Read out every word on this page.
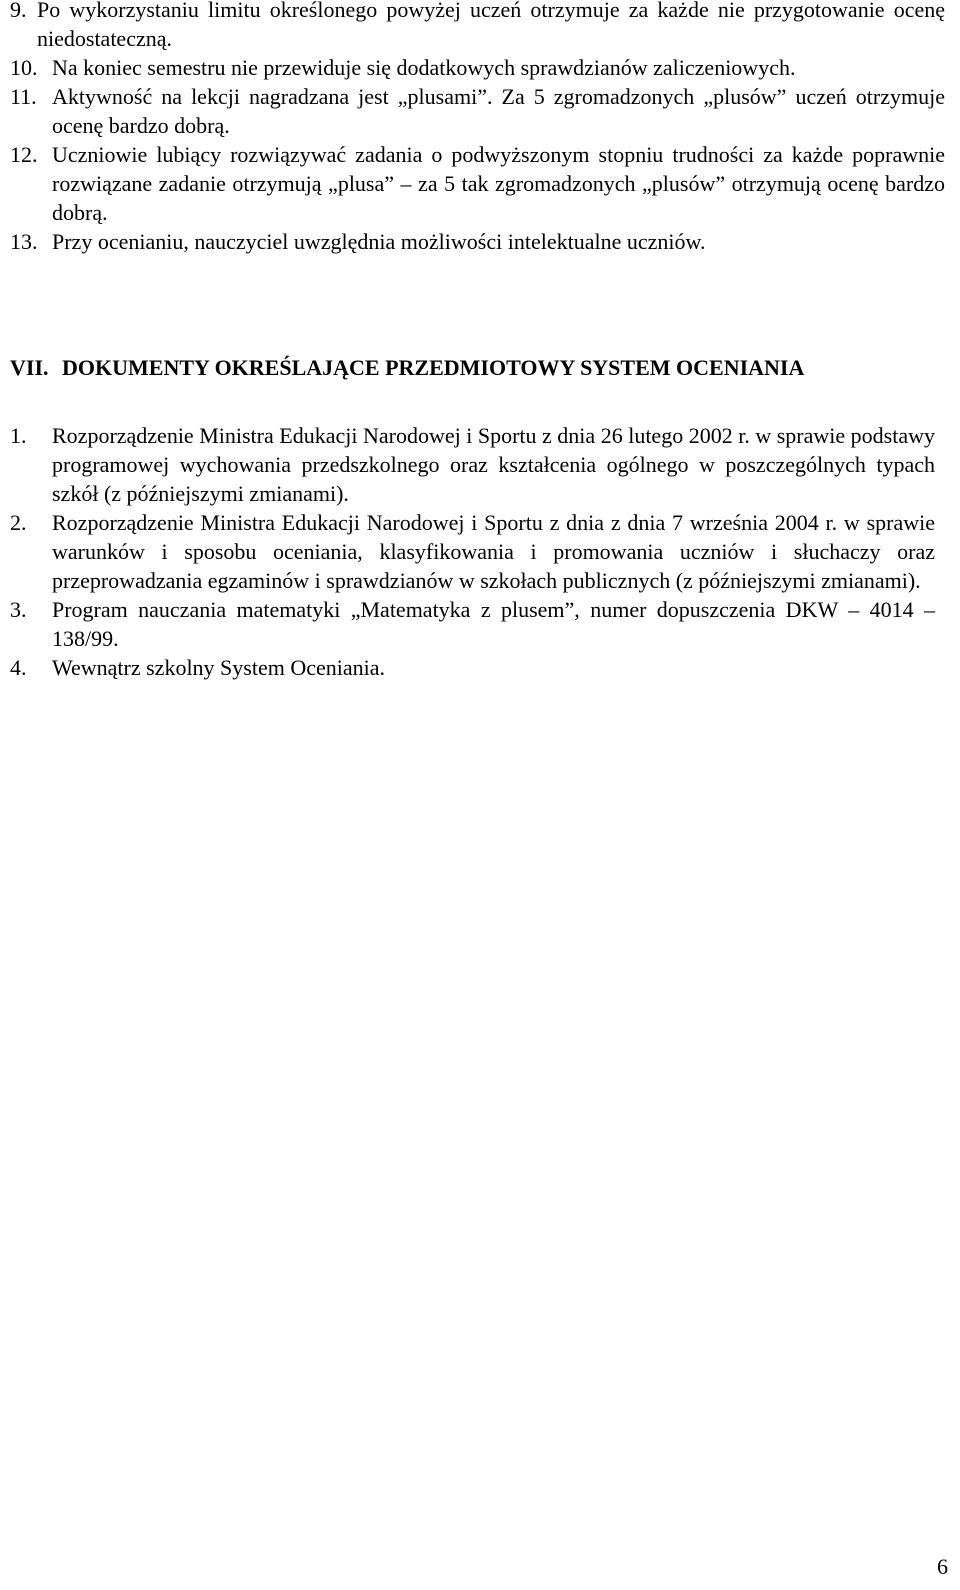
9. Po wykorzystaniu limitu określonego powyżej uczeń otrzymuje za każde nie przygotowanie ocenę niedostateczną.
10. Na koniec semestru nie przewiduje się dodatkowych sprawdzianów zaliczeniowych.
11. Aktywność na lekcji nagradzana jest „plusami”. Za 5 zgromadzonych „plusów” uczeń otrzymuje ocenę bardzo dobrą.
12. Uczniowie lubiący rozwiązywać zadania o podwyższonym stopniu trudności za każde poprawnie rozwiązane zadanie otrzymują „plusa” – za 5 tak zgromadzonych „plusów” otrzymują ocenę bardzo dobrą.
13. Przy ocenianiu, nauczyciel uwzględnia możliwości intelektualne uczniów.
VII. DOKUMENTY OKREŚLAJĄCE PRZEDMIOTOWY SYSTEM OCENIANIA
1.	Rozporządzenie Ministra Edukacji Narodowej i Sportu z dnia 26 lutego 2002 r. w sprawie podstawy programowej wychowania przedszkolnego oraz kształcenia ogólnego w poszczególnych typach szkół (z późniejszymi zmianami).
2.	Rozporządzenie Ministra Edukacji Narodowej i Sportu z dnia z dnia 7 września 2004 r. w sprawie warunków i sposobu oceniania, klasyfikowania i promowania uczniów i słuchaczy oraz przeprowadzania egzaminów i sprawdzianów w szkołach publicznych (z późniejszymi zmianami).
3.	Program nauczania matematyki „Matematyka z plusem”, numer dopuszczenia DKW – 4014 – 138/99.
4.	Wewnątrz szkolny System Oceniania.
6
